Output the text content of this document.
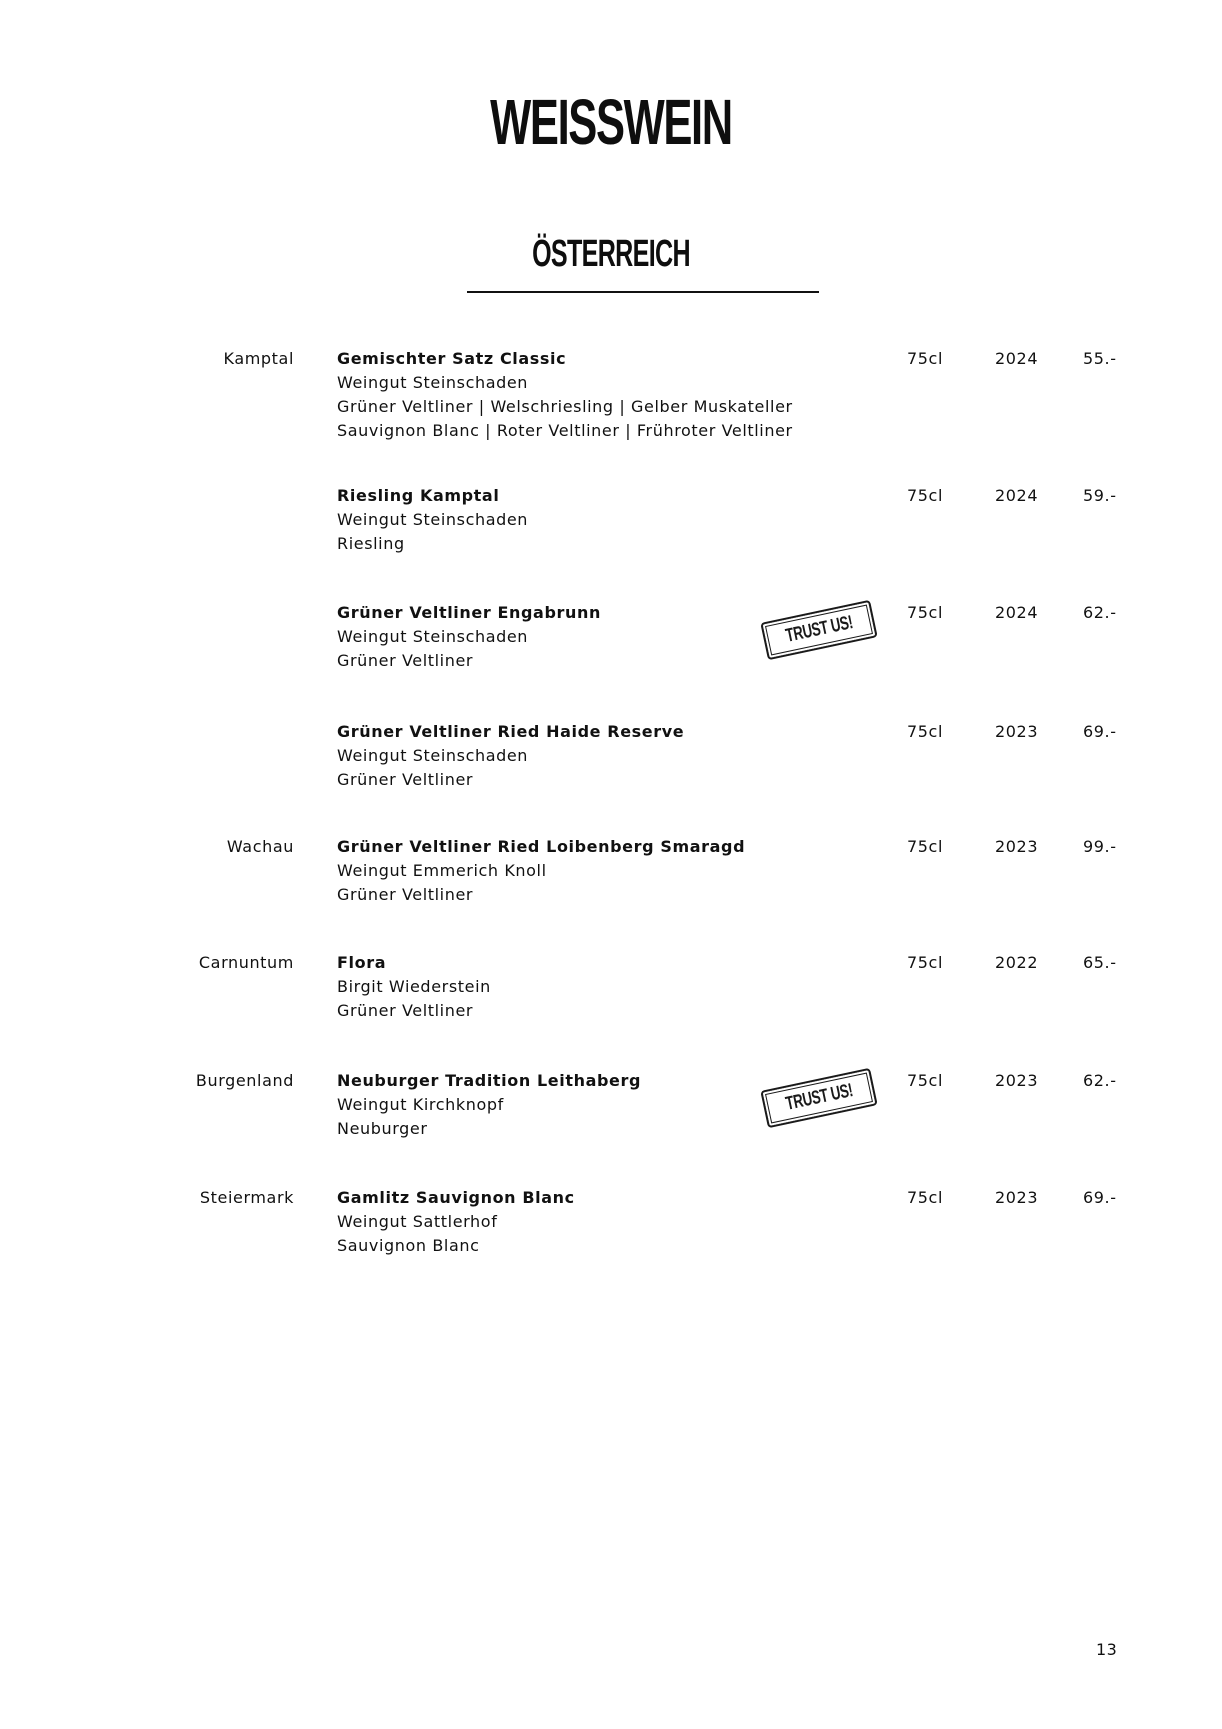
WEISSWEIN
ÖSTERREICH
Kamptal	Gemischter Satz Classic
Weingut Steinschaden
Grüner Veltliner | Welschriesling | Gelber Muskateller
Sauvignon Blanc | Roter Veltliner | Frühroter Veltliner
75cl	2024	55.-
Riesling Kamptal
Weingut Steinschaden
Riesling
75cl	2024	59.-
Grüner Veltliner Engabrunn
Weingut Steinschaden
Grüner Veltliner
TRUST US!	75cl	2024	62.-
Grüner Veltliner Ried Haide Reserve
Weingut Steinschaden
Grüner Veltliner
75cl	2023	69.-
Wachau	Grüner Veltliner Ried Loibenberg Smaragd
Weingut Emmerich Knoll
Grüner Veltliner
75cl	2023	99.-
Carnuntum	Flora
Birgit Wiederstein
Grüner Veltliner
75cl	2022	65.-
Burgenland	Neuburger Tradition Leithaberg
Weingut Kirchknopf
Neuburger
TRUST US!	75cl	2023	62.-
Steiermark	Gamlitz Sauvignon Blanc
Weingut Sattlerhof
Sauvignon Blanc
75cl	2023	69.-
13
